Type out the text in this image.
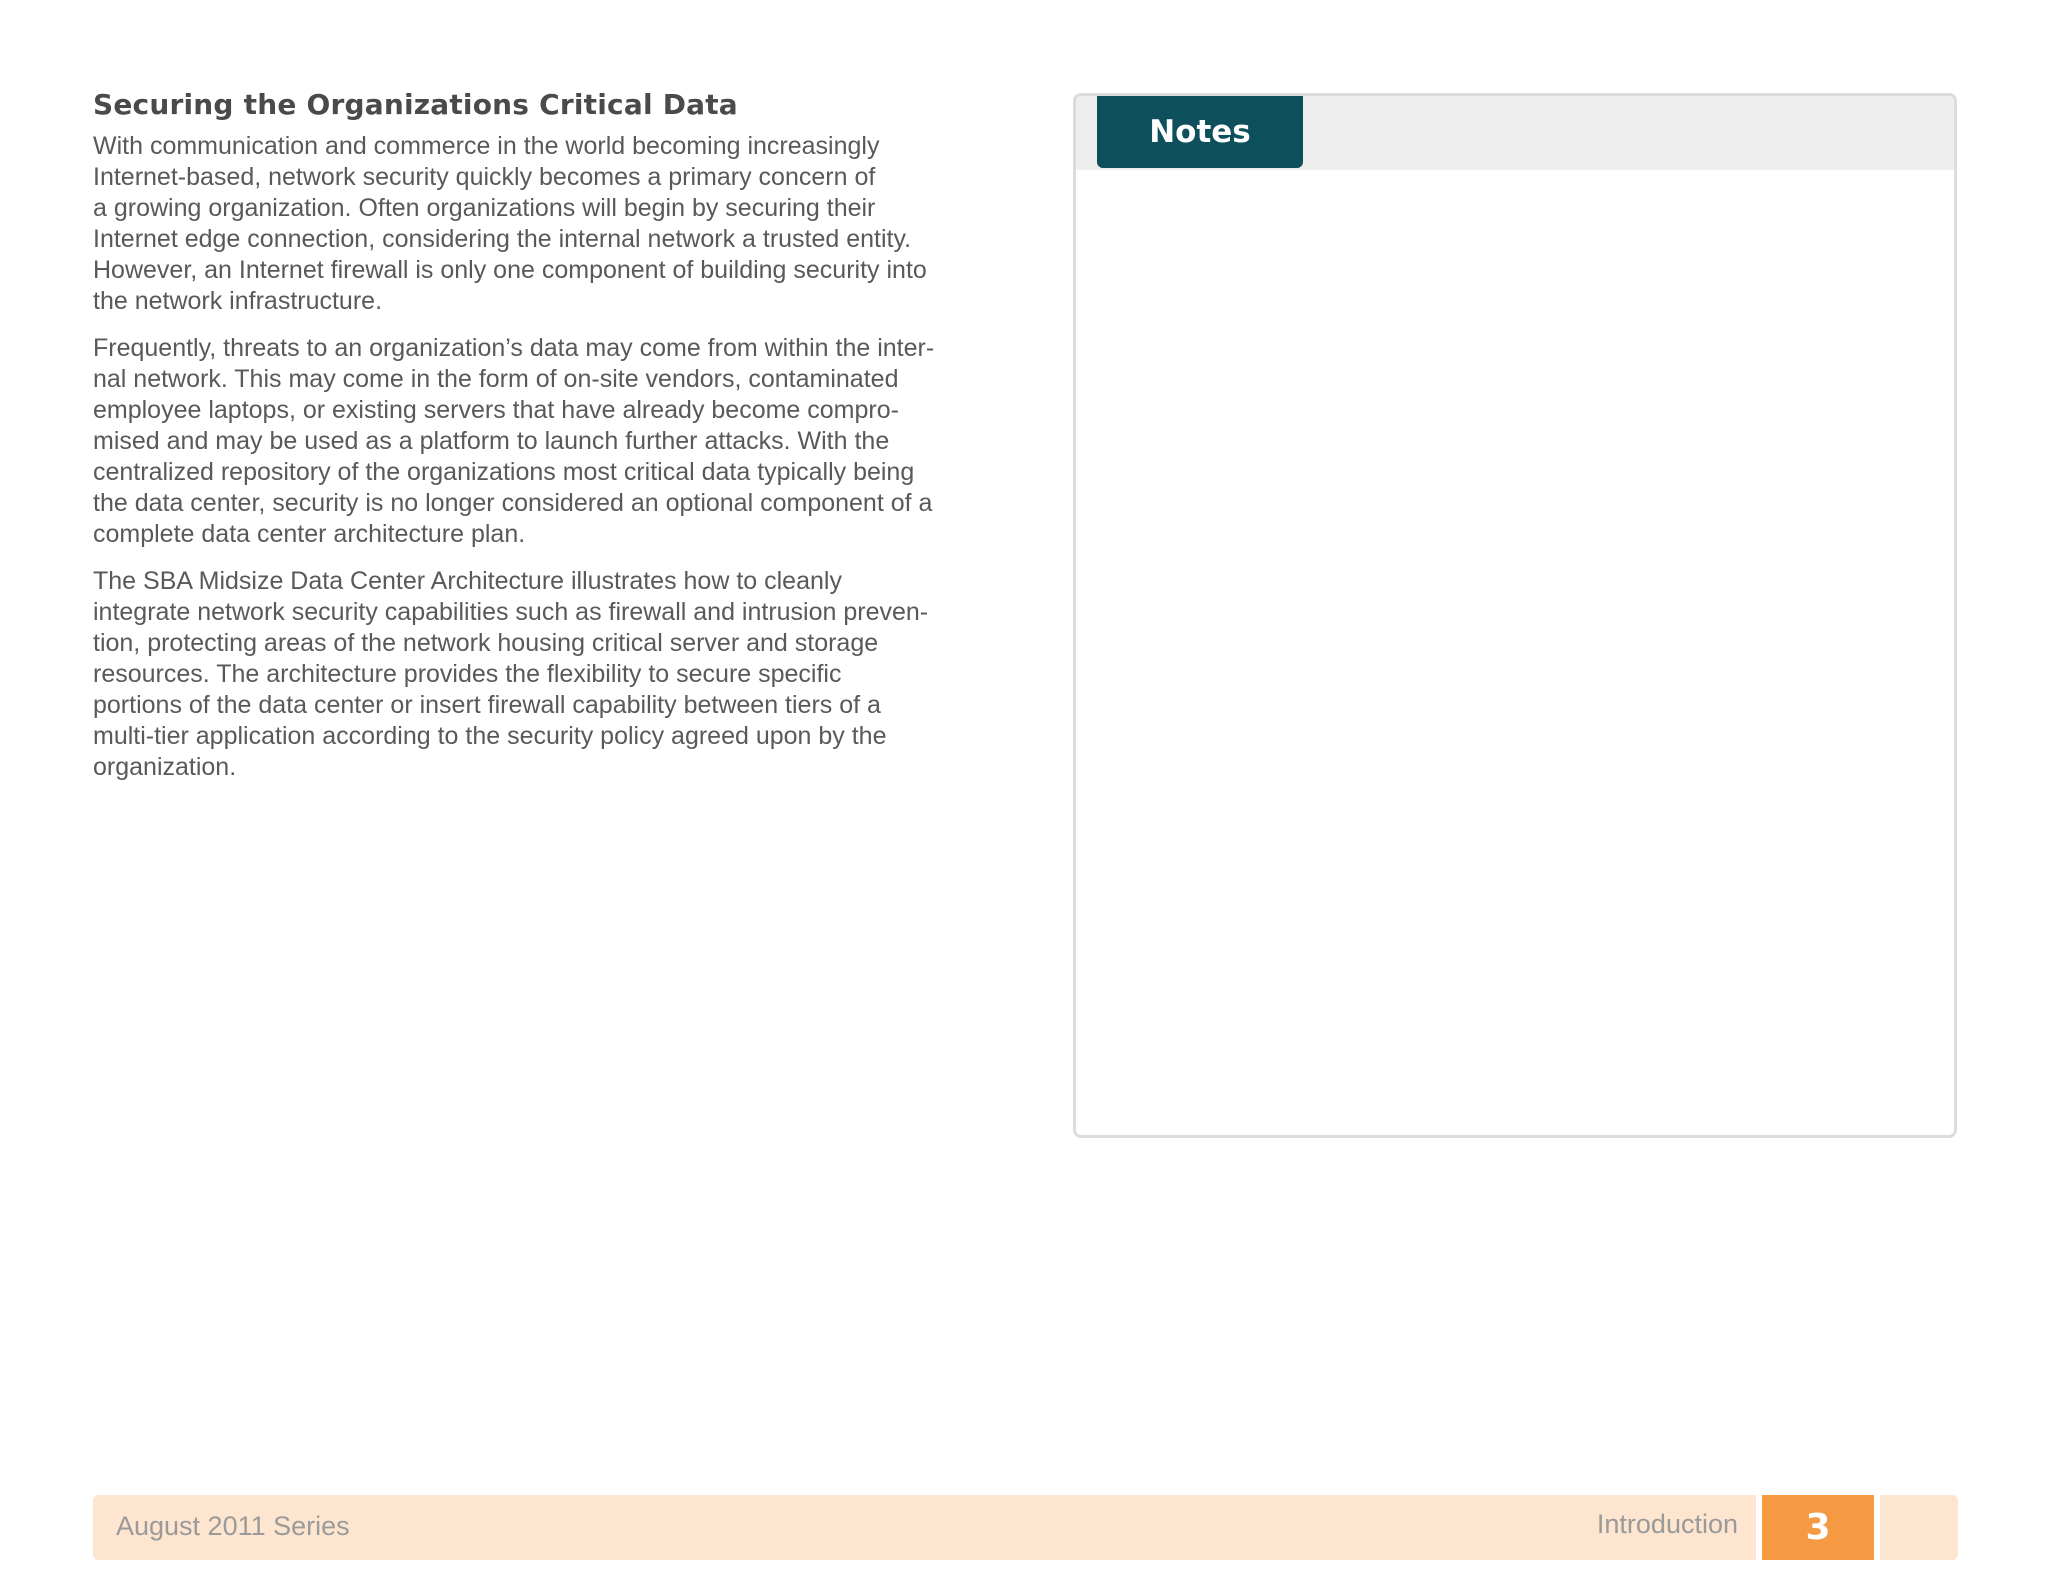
Securing the Organizations Critical Data

With communication and commerce in the world becoming increasingly
Internet-based, network security quickly becomes a primary concern of
a growing organization. Often organizations will begin by securing their
Internet edge connection, considering the internal network a trusted entity.
However, an Internet firewall is only one component of building security into
the network infrastructure.

Frequently, threats to an organization’s data may come from within the inter-
nal network. This may come in the form of on-site vendors, contaminated
employee laptops, or existing servers that have already become compro-
mised and may be used as a platform to launch further attacks. With the
centralized repository of the organizations most critical data typically being
the data center, security is no longer considered an optional component of a
complete data center architecture plan.

The SBA Midsize Data Center Architecture illustrates how to cleanly
integrate network security capabilities such as firewall and intrusion preven-
tion, protecting areas of the network housing critical server and storage
resources. The architecture provides the flexibility to secure specific
portions of the data center or insert firewall capability between tiers of a
multi-tier application according to the security policy agreed upon by the
organization.

Notes
August 2011 Series	Introduction	3
